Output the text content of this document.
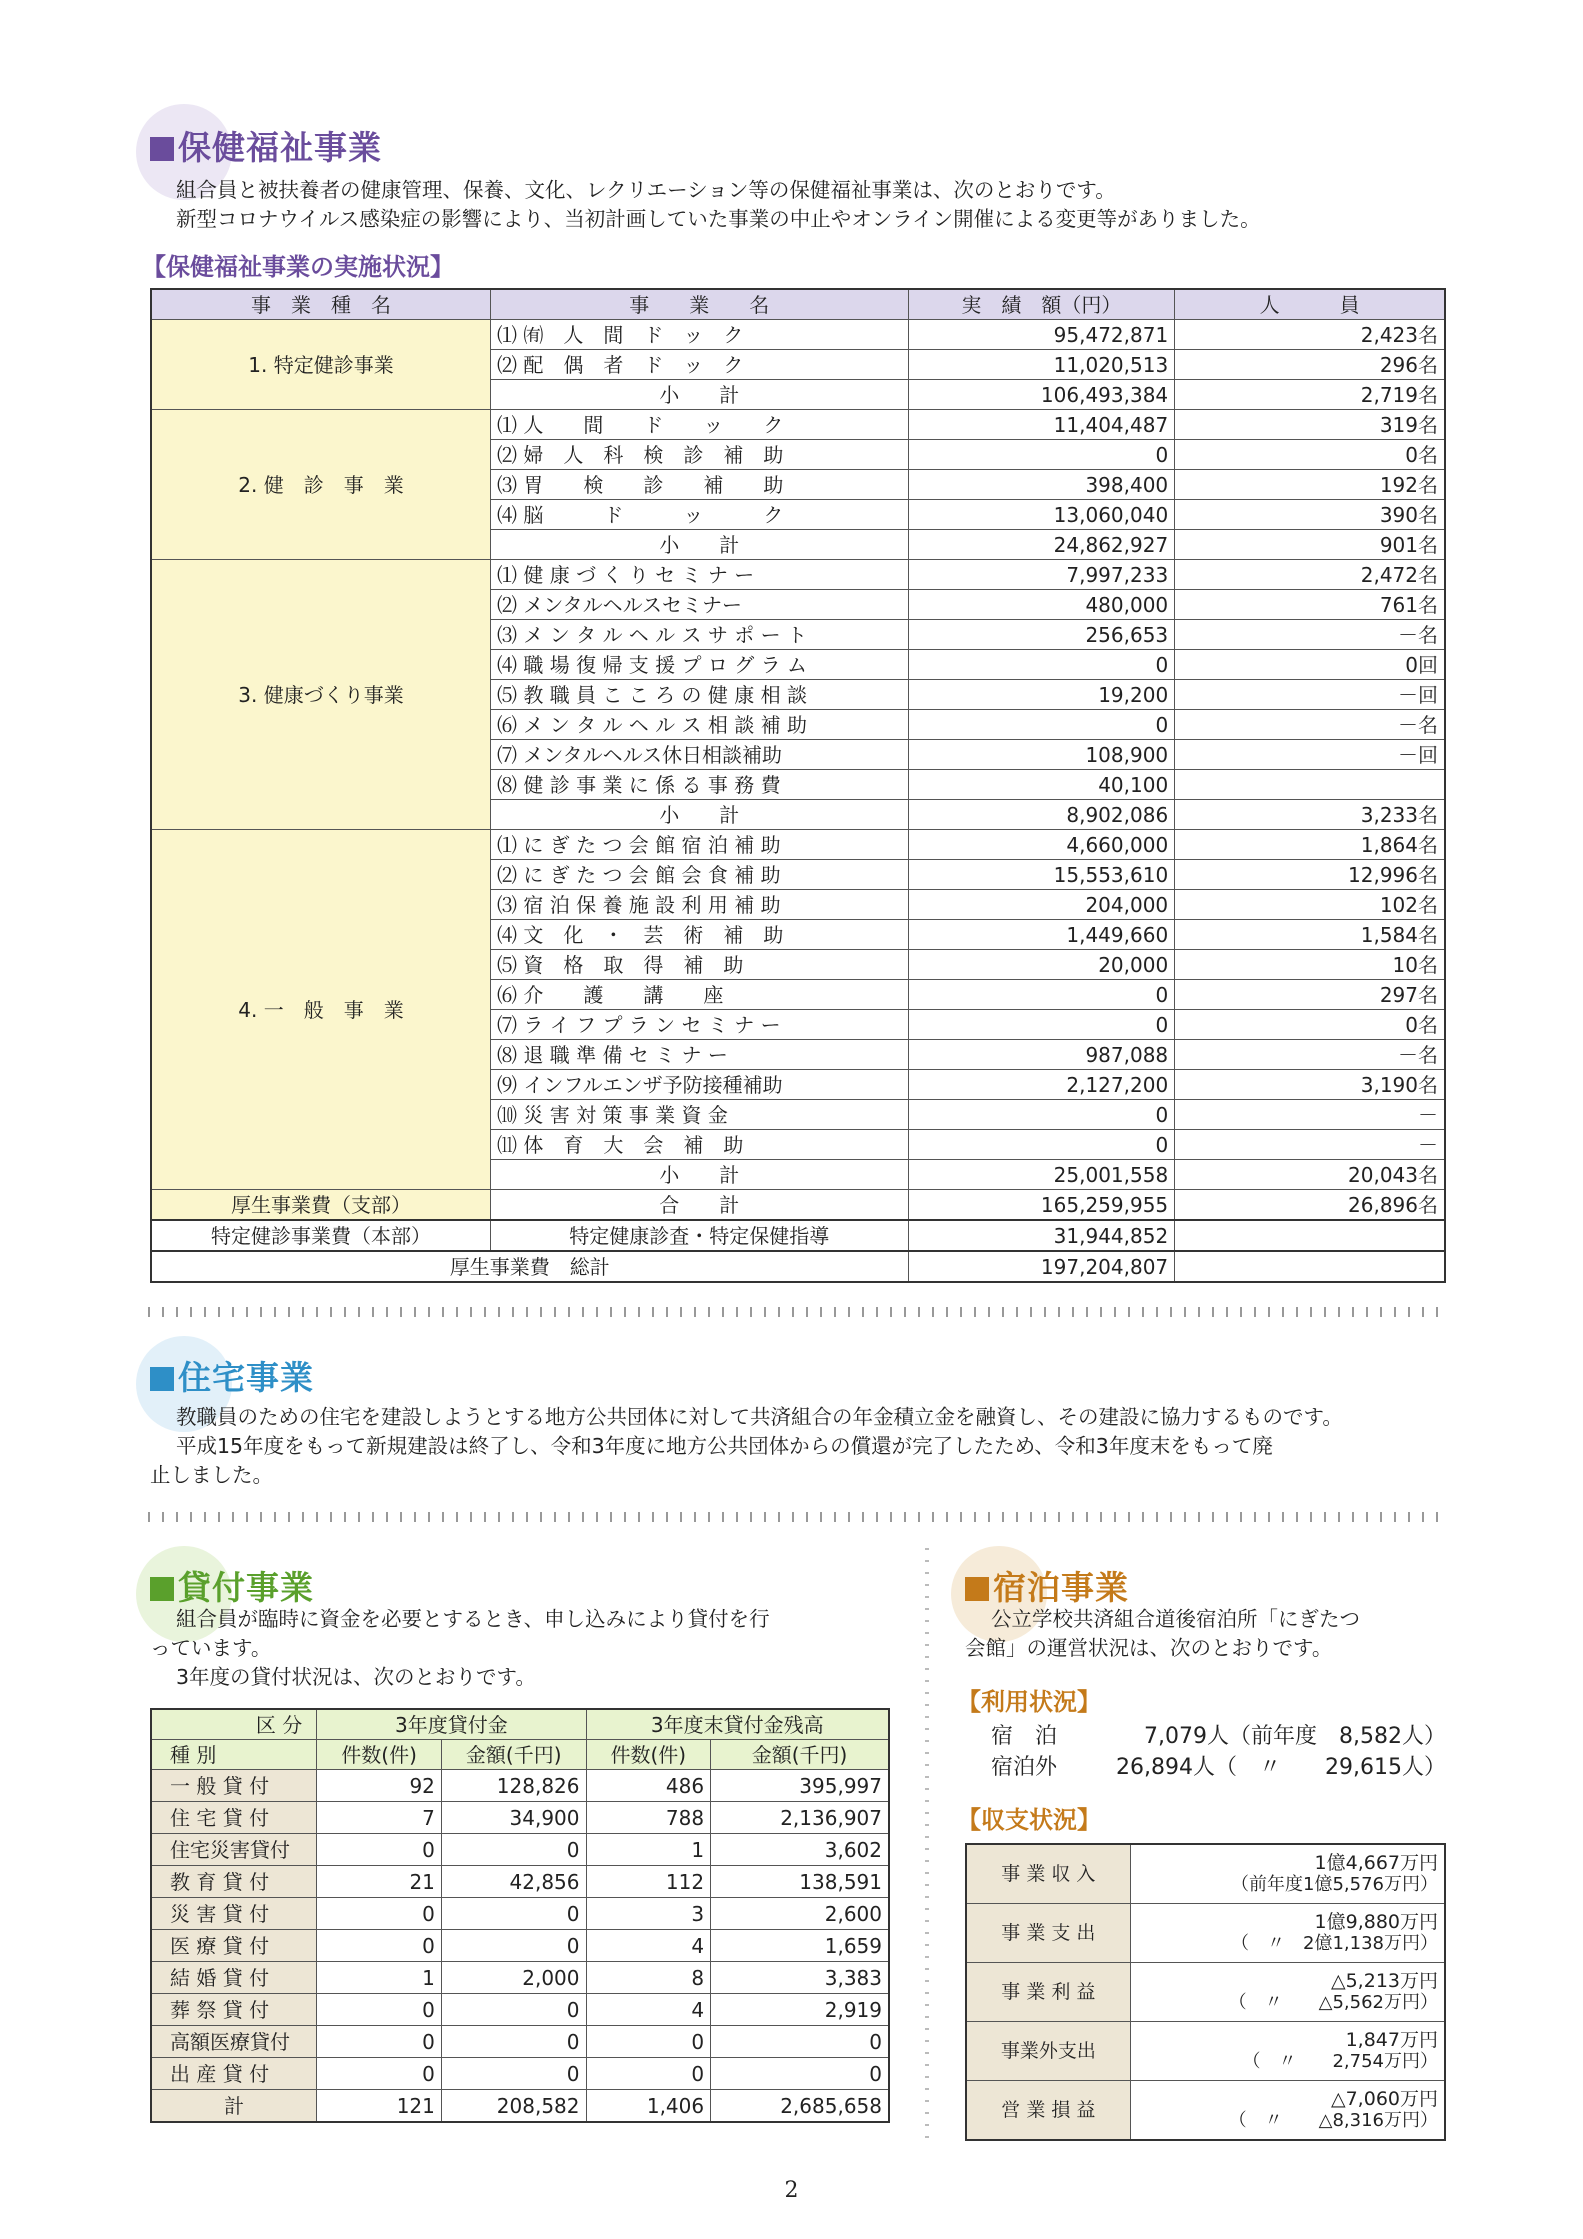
保健福祉事業
組合員と被扶養者の健康管理、保養、文化、レクリエーション等の保健福祉事業は、次のとおりです。
新型コロナウイルス感染症の影響により、当初計画していた事業の中止やオンライン開催による変更等がありました。
【保健福祉事業の実施状況】
事　業　種　名	事　　業　　名	実　績　額（円）	人　　　員
1. 特定健診事業	⑴ ㈲　人　間　ド　ッ　ク	95,472,871	2,423名
	⑵ 配　偶　者　ド　ッ　ク	11,020,513	296名
	小　　計	106,493,384	2,719名
2. 健　診　事　業	⑴ 人　　間　　ド　　ッ　　ク	11,404,487	319名
	⑵ 婦　人　科　検　診　補　助	0	0名
	⑶ 胃　　検　　診　　補　　助	398,400	192名
	⑷ 脳　　　ド　　　ッ　　　ク	13,060,040	390名
	小　　計	24,862,927	901名
3. 健康づくり事業	⑴ 健 康 づ く り セ ミ ナ ー	7,997,233	2,472名
	⑵ メンタルヘルスセミナー	480,000	761名
	⑶ メ ン タ ル ヘ ル ス サ ポ ー ト	256,653	－名
	⑷ 職 場 復 帰 支 援 プ ロ グ ラ ム	0	0回
	⑸ 教 職 員 こ こ ろ の 健 康 相 談	19,200	－回
	⑹ メ ン タ ル ヘ ル ス 相 談 補 助	0	－名
	⑺ メンタルヘルス休日相談補助	108,900	－回
	⑻ 健 診 事 業 に 係 る 事 務 費	40,100	
	小　　計	8,902,086	3,233名
4. 一　般　事　業	⑴ に ぎ た つ 会 館 宿 泊 補 助	4,660,000	1,864名
	⑵ に ぎ た つ 会 館 会 食 補 助	15,553,610	12,996名
	⑶ 宿 泊 保 養 施 設 利 用 補 助	204,000	102名
	⑷ 文　化　・　芸　術　補　助	1,449,660	1,584名
	⑸ 資　格　取　得　補　助	20,000	10名
	⑹ 介　　護　　講　　座	0	297名
	⑺ ラ イ フ プ ラ ン セ ミ ナ ー	0	0名
	⑻ 退 職 準 備 セ ミ ナ ー	987,088	－名
	⑼ インフルエンザ予防接種補助	2,127,200	3,190名
	⑽ 災 害 対 策 事 業 資 金	0	－
	⑾ 体　育　大　会　補　助	0	－
	小　　計	25,001,558	20,043名
厚生事業費（支部）	合　　計	165,259,955	26,896名
特定健診事業費（本部）	特定健康診査・特定保健指導	31,944,852	
厚生事業費　総計		197,204,807	
住宅事業
教職員のための住宅を建設しようとする地方公共団体に対して共済組合の年金積立金を融資し、その建設に協力するものです。
平成15年度をもって新規建設は終了し、令和3年度に地方公共団体からの償還が完了したため、令和3年度末をもって廃
止しました。
貸付事業
組合員が臨時に資金を必要とするとき、申し込みにより貸付を行
っています。
3年度の貸付状況は、次のとおりです。
区 分	3年度貸付金		3年度末貸付金残高	
種 別	件数(件)	金額(千円)	件数(件)	金額(千円)
一 般 貸 付	92	128,826	486	395,997
住 宅 貸 付	7	34,900	788	2,136,907
住宅災害貸付	0	0	1	3,602
教 育 貸 付	21	42,856	112	138,591
災 害 貸 付	0	0	3	2,600
医 療 貸 付	0	0	4	1,659
結 婚 貸 付	1	2,000	8	3,383
葬 祭 貸 付	0	0	4	2,919
高額医療貸付	0	0	0	0
出 産 貸 付	0	0	0	0
計	121	208,582	1,406	2,685,658
宿泊事業
公立学校共済組合道後宿泊所「にぎたつ
会館」の運営状況は、次のとおりです。
【利用状況】
宿　泊	7,079人（前年度　8,582人）
宿泊外	26,894人（　〃　　29,615人）
【収支状況】
事 業 収 入	1億4,667万円
（前年度1億5,576万円）

事 業 支 出	1億9,880万円
（　〃　2億1,138万円）

事 業 利 益	△5,213万円
（　〃　　△5,562万円）

事業外支出	1,847万円
（　〃　　2,754万円）

営 業 損 益	△7,060万円
（　〃　　△8,316万円）
2
